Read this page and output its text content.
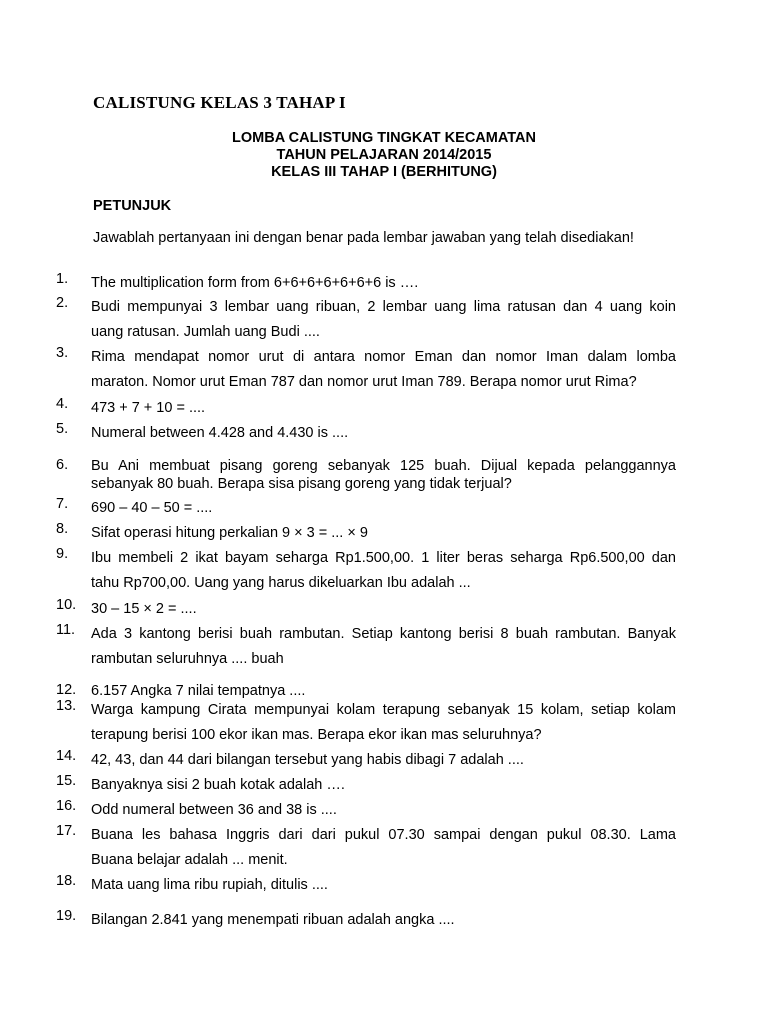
CALISTUNG KELAS 3 TAHAP I
LOMBA CALISTUNG TINGKAT KECAMATAN
TAHUN PELAJARAN 2014/2015
KELAS III TAHAP I (BERHITUNG)
PETUNJUK
Jawablah pertanyaan ini dengan benar pada lembar jawaban yang telah disediakan!
1.	The multiplication form from 6+6+6+6+6+6+6 is ….
2.	Budi mempunyai 3 lembar uang ribuan, 2 lembar uang lima ratusan dan 4 uang koin
uang ratusan. Jumlah uang Budi ....
3.	Rima mendapat nomor urut di antara nomor Eman dan nomor Iman dalam lomba
maraton. Nomor urut Eman 787 dan nomor urut Iman 789. Berapa nomor urut Rima?
4.	473 + 7 + 10 = ....
5.	Numeral between 4.428 and 4.430 is ....
6.	Bu Ani membuat pisang goreng sebanyak 125 buah. Dijual kepada pelanggannya
sebanyak 80 buah. Berapa sisa pisang goreng yang tidak terjual?
7.	690 – 40 – 50 = ....
8.	Sifat operasi hitung perkalian 9 × 3 = ... × 9
9.	Ibu membeli 2 ikat bayam seharga Rp1.500,00. 1 liter beras seharga Rp6.500,00 dan
tahu Rp700,00. Uang yang harus dikeluarkan Ibu adalah ...
10.	30 – 15 × 2 = ....
11.	Ada 3 kantong berisi buah rambutan. Setiap kantong berisi 8 buah rambutan. Banyak
rambutan seluruhnya .... buah
12.	6.157 Angka 7 nilai tempatnya ....
13.	Warga kampung Cirata mempunyai kolam terapung sebanyak 15 kolam, setiap kolam
terapung berisi 100 ekor ikan mas. Berapa ekor ikan mas seluruhnya?
14.	42, 43, dan 44 dari bilangan tersebut yang habis dibagi 7 adalah ....
15.	Banyaknya sisi 2 buah kotak adalah ….
16.	Odd numeral between 36 and 38 is ....
17.	Buana les bahasa Inggris dari dari pukul 07.30 sampai dengan pukul 08.30. Lama
Buana belajar adalah ... menit.
18.	Mata uang lima ribu rupiah, ditulis ....
19.	Bilangan 2.841 yang menempati ribuan adalah angka ....
